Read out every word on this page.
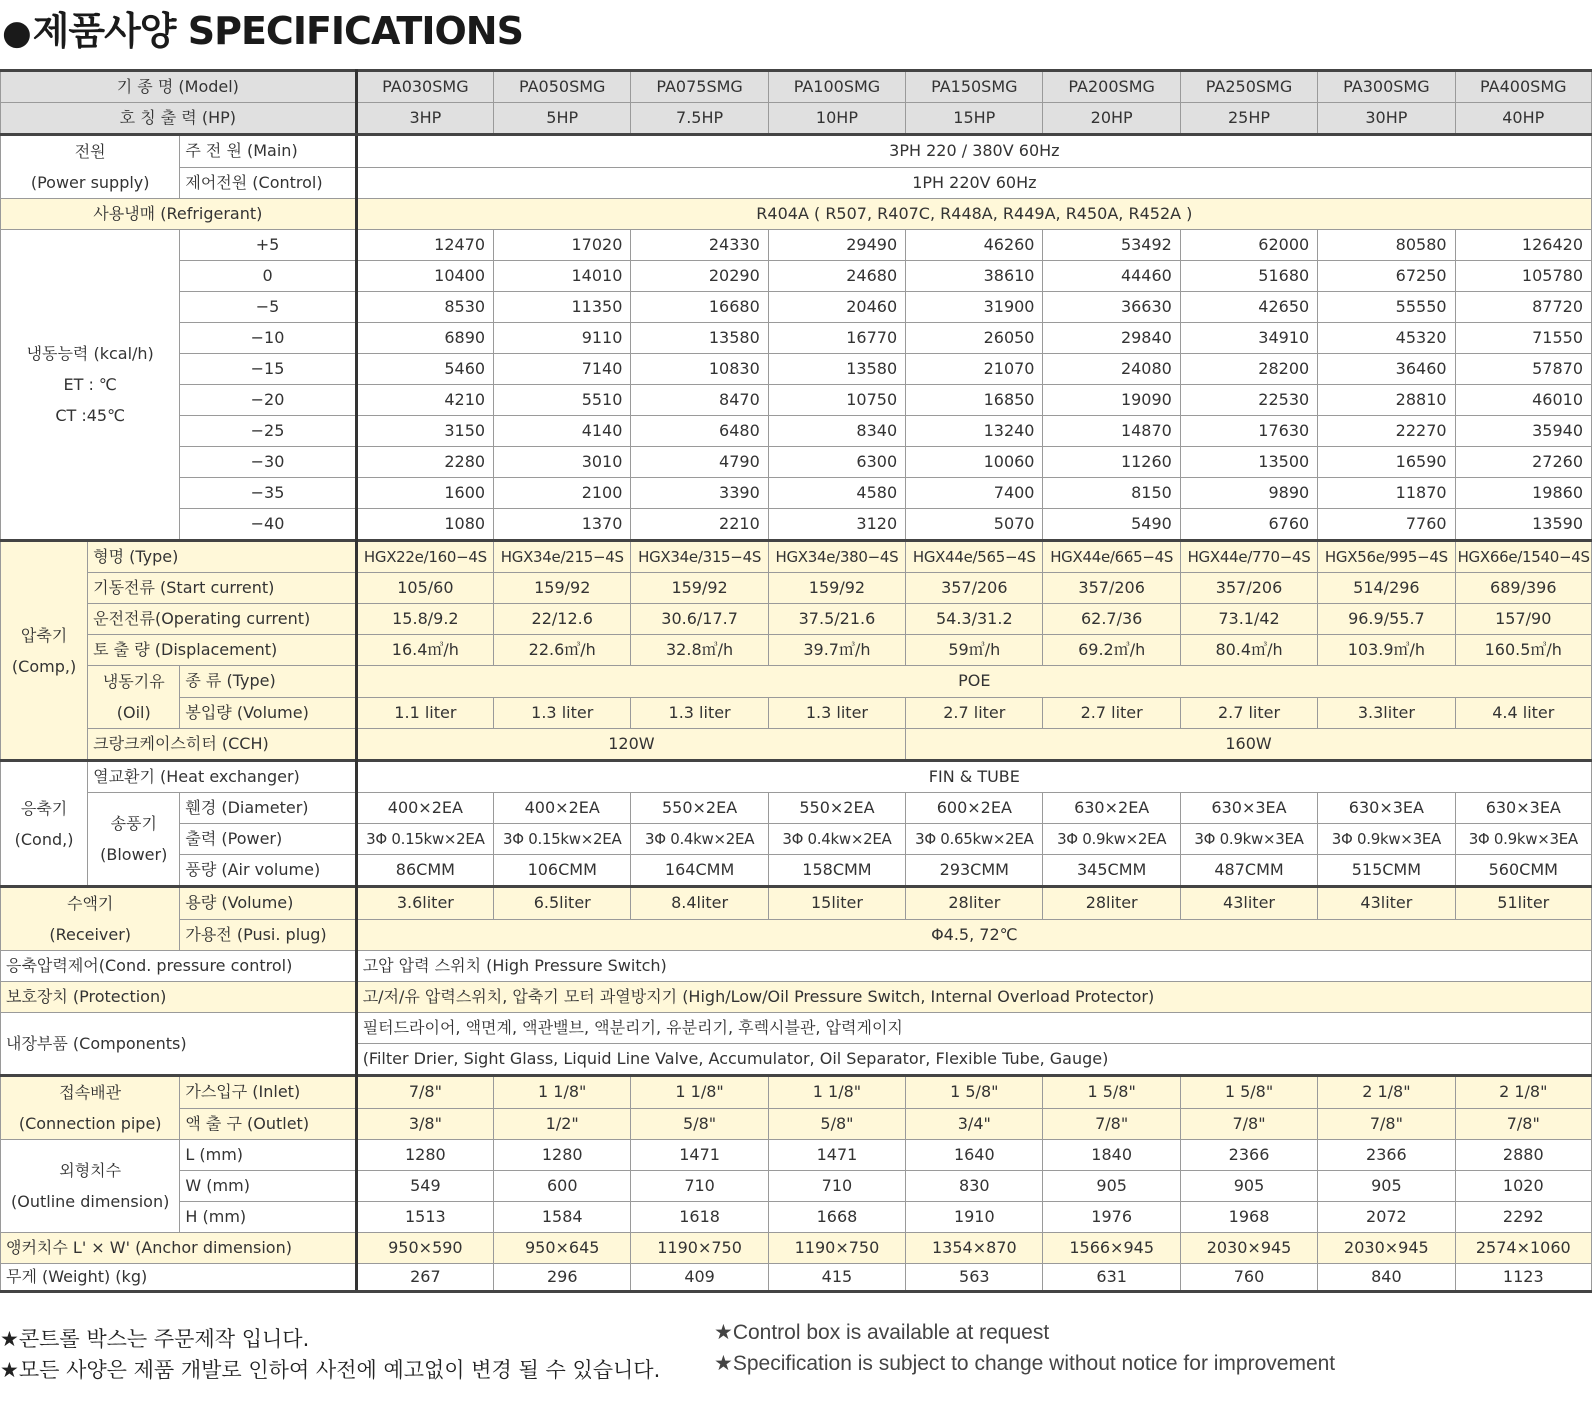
●제품사양 SPECIFICATIONS
기 종 명 (Model)			PA030SMG	PA050SMG	PA075SMG	PA100SMG	PA150SMG	PA200SMG	PA250SMG	PA300SMG	PA400SMG
호 칭 출 력 (HP)			3HP	5HP	7.5HP	10HP	15HP	20HP	25HP	30HP	40HP

전원
(Power supply)		주 전 원 (Main)	3PH 220 / 380V 60Hz								
		제어전원 (Control)	1PH 220V 60Hz								
사용냉매 (Refrigerant)			R404A ( R507, R407C, R448A, R449A, R450A, R452A )								

냉동능력 (kcal/h)
ET : ℃
CT :45℃		+5	12470	17020	24330	29490	46260	53492	62000	80580	126420
		0	10400	14010	20290	24680	38610	44460	51680	67250	105780
		−5	8530	11350	16680	20460	31900	36630	42650	55550	87720
		−10	6890	9110	13580	16770	26050	29840	34910	45320	71550
		−15	5460	7140	10830	13580	21070	24080	28200	36460	57870
		−20	4210	5510	8470	10750	16850	19090	22530	28810	46010
		−25	3150	4140	6480	8340	13240	14870	17630	22270	35940
		−30	2280	3010	4790	6300	10060	11260	13500	16590	27260
		−35	1600	2100	3390	4580	7400	8150	9890	11870	19860
		−40	1080	1370	2210	3120	5070	5490	6760	7760	13590

압축기
(Comp,)	형명 (Type)		HGX22e/160−4S	HGX34e/215−4S	HGX34e/315−4S	HGX34e/380−4S	HGX44e/565−4S	HGX44e/665−4S	HGX44e/770−4S	HGX56e/995−4S	HGX66e/1540−4S
	기동전류 (Start current)		105/60	159/92	159/92	159/92	357/206	357/206	357/206	514/296	689/396
	운전전류(Operating current)		15.8/9.2	22/12.6	30.6/17.7	37.5/21.6	54.3/31.2	62.7/36	73.1/42	96.9/55.7	157/90
	토 출 량 (Displacement)		16.4㎥/h	22.6㎥/h	32.8㎥/h	39.7㎥/h	59㎥/h	69.2㎥/h	80.4㎥/h	103.9㎥/h	160.5㎥/h

	냉동기유
(Oil)	종 류 (Type)	POE								
		봉입량 (Volume)	1.1 liter	1.3 liter	1.3 liter	1.3 liter	2.7 liter	2.7 liter	2.7 liter	3.3liter	4.4 liter
	크랑크케이스히터 (CCH)		120W				160W				

응축기
(Cond,)	열교환기 (Heat exchanger)		FIN & TUBE								

	송풍기
(Blower)	휀경 (Diameter)	400×2EA	400×2EA	550×2EA	550×2EA	600×2EA	630×2EA	630×3EA	630×3EA	630×3EA
		출력 (Power)	3Φ 0.15kw×2EA	3Φ 0.15kw×2EA	3Φ 0.4kw×2EA	3Φ 0.4kw×2EA	3Φ 0.65kw×2EA	3Φ 0.9kw×2EA	3Φ 0.9kw×3EA	3Φ 0.9kw×3EA	3Φ 0.9kw×3EA
		풍량 (Air volume)	86CMM	106CMM	164CMM	158CMM	293CMM	345CMM	487CMM	515CMM	560CMM

수액기
(Receiver)		용량 (Volume)	3.6liter	6.5liter	8.4liter	15liter	28liter	28liter	43liter	43liter	51liter
		가용전 (Pusi. plug)	Φ4.5, 72℃								
응축압력제어(Cond. pressure control)			고압 압력 스위치 (High Pressure Switch)								
보호장치 (Protection)			고/저/유 압력스위치, 압축기 모터 과열방지기 (High/Low/Oil Pressure Switch, Internal Overload Protector)								
내장부품 (Components)			필터드라이어, 액면계, 액관밸브, 액분리기, 유분리기, 후렉시블관, 압력게이지								
			(Filter Drier, Sight Glass, Liquid Line Valve, Accumulator, Oil Separator, Flexible Tube, Gauge)								

접속배관
(Connection pipe)		가스입구 (Inlet)	7/8"	1 1/8"	1 1/8"	1 1/8"	1 5/8"	1 5/8"	1 5/8"	2 1/8"	2 1/8"
		액 출 구 (Outlet)	3/8"	1/2"	5/8"	5/8"	3/4"	7/8"	7/8"	7/8"	7/8"

외형치수
(Outline dimension)		L (mm)	1280	1280	1471	1471	1640	1840	2366	2366	2880
		W (mm)	549	600	710	710	830	905	905	905	1020
		H (mm)	1513	1584	1618	1668	1910	1976	1968	2072	2292
앵커치수 L' × W' (Anchor dimension)			950×590	950×645	1190×750	1190×750	1354×870	1566×945	2030×945	2030×945	2574×1060
무게 (Weight) (kg)			267	296	409	415	563	631	760	840	1123
★콘트롤 박스는 주문제작 입니다.
★모든 사양은 제품 개발로 인하여 사전에 예고없이 변경 될 수 있습니다.
★Control box is available at request
★Specification is subject to change without notice for improvement
